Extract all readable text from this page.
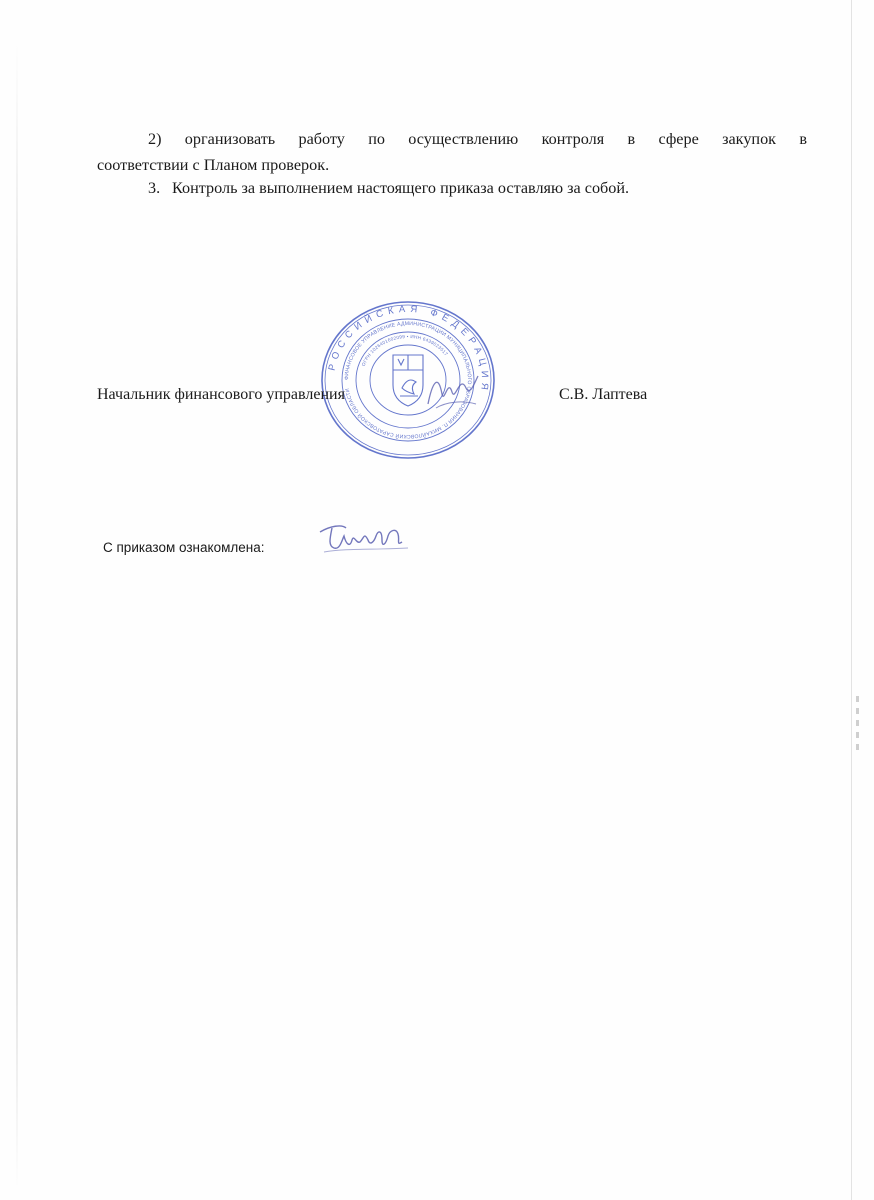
2) организовать работу по осуществлению контроля в сфере закупок в
соответствии с Планом проверок.
3. Контроль за выполнением настоящего приказа оставляю за собой.
РОССИЙСКАЯ ФЕДЕРАЦИЯ
ФИНАНСОВОЕ УПРАВЛЕНИЕ АДМИНИСТРАЦИИ МУНИЦИПАЛЬНОГО ОБРАЗОВАНИЯ П. МИХАЙЛОВСКИЙ САРАТОВСКОЙ ОБЛАСТИ
ОГРН 1026401602099 • ИНН 6439023517
Начальник финансового управления	С.В. Лаптева
С приказом ознакомлена:
